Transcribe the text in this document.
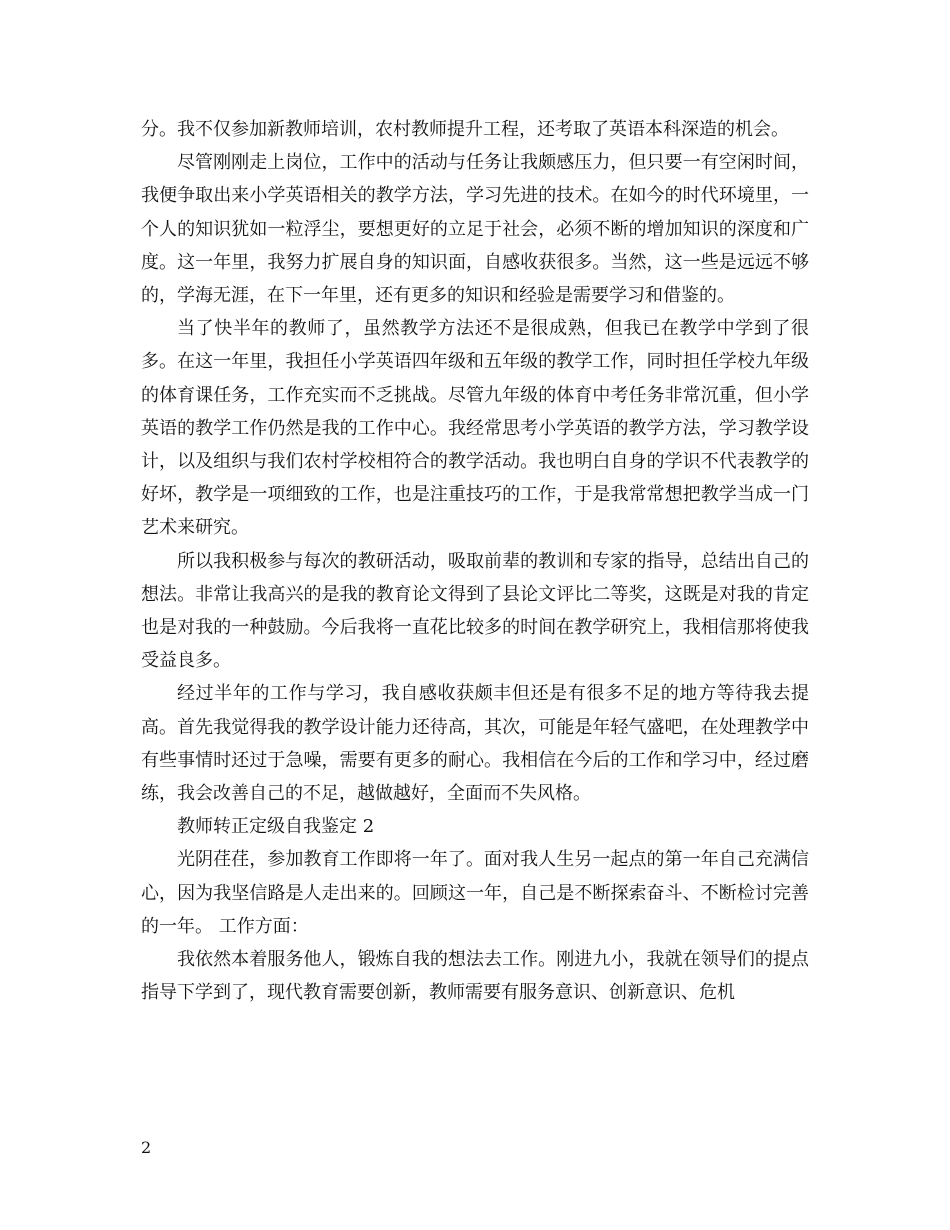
分。我不仅参加新教师培训，农村教师提升工程，还考取了英语本科深造的机会。

尽管刚刚走上岗位，工作中的活动与任务让我颇感压力，但只要一有空闲时间，我便争取出来小学英语相关的教学方法，学习先进的技术。在如今的时代环境里，一个人的知识犹如一粒浮尘，要想更好的立足于社会，必须不断的增加知识的深度和广度。这一年里，我努力扩展自身的知识面，自感收获很多。当然，这一些是远远不够的，学海无涯，在下一年里，还有更多的知识和经验是需要学习和借鉴的。

当了快半年的教师了，虽然教学方法还不是很成熟，但我已在教学中学到了很多。在这一年里，我担任小学英语四年级和五年级的教学工作，同时担任学校九年级的体育课任务，工作充实而不乏挑战。尽管九年级的体育中考任务非常沉重，但小学英语的教学工作仍然是我的工作中心。我经常思考小学英语的教学方法，学习教学设计，以及组织与我们农村学校相符合的教学活动。我也明白自身的学识不代表教学的好坏，教学是一项细致的工作，也是注重技巧的工作，于是我常常想把教学当成一门艺术来研究。

所以我积极参与每次的教研活动，吸取前辈的教训和专家的指导，总结出自己的想法。非常让我高兴的是我的教育论文得到了县论文评比二等奖，这既是对我的肯定也是对我的一种鼓励。今后我将一直花比较多的时间在教学研究上，我相信那将使我受益良多。

经过半年的工作与学习，我自感收获颇丰但还是有很多不足的地方等待我去提高。首先我觉得我的教学设计能力还待高，其次，可能是年轻气盛吧，在处理教学中有些事情时还过于急噪，需要有更多的耐心。我相信在今后的工作和学习中，经过磨练，我会改善自己的不足，越做越好，全面而不失风格。

教师转正定级自我鉴定 2

光阴荏荏，参加教育工作即将一年了。面对我人生另一起点的第一年自己充满信心，因为我坚信路是人走出来的。回顾这一年，自己是不断探索奋斗、不断检讨完善的一年。 工作方面：

我依然本着服务他人，锻炼自我的想法去工作。刚进九小，我就在领导们的提点指导下学到了，现代教育需要创新，教师需要有服务意识、创新意识、危机

2
